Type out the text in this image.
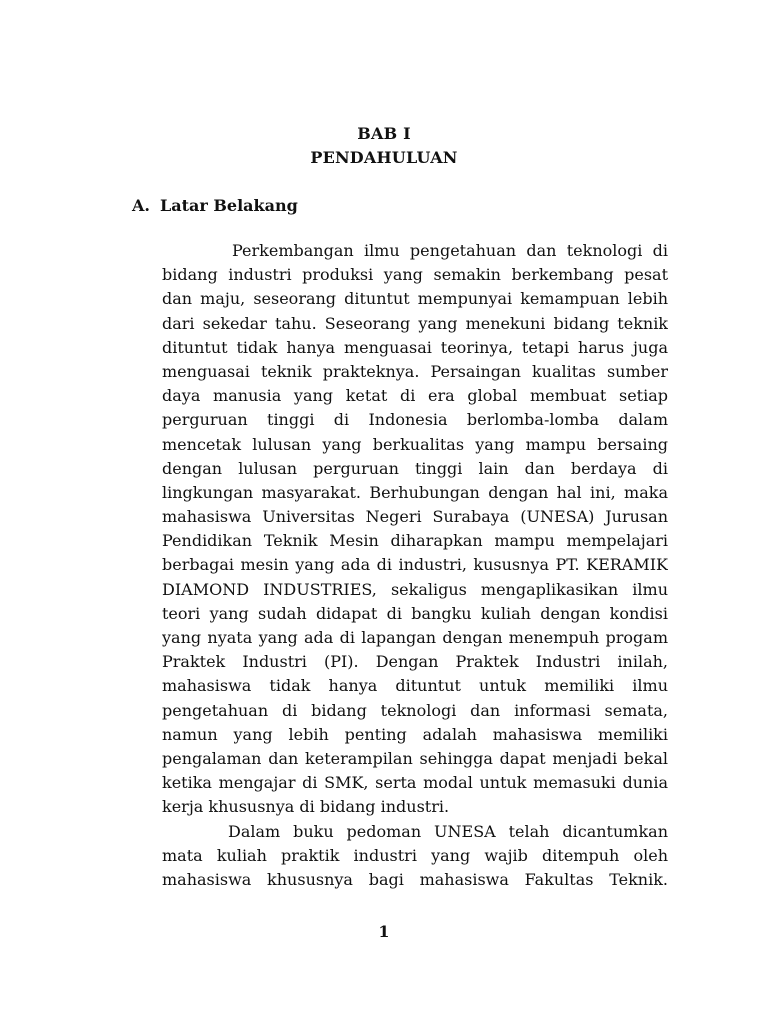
BAB I
PENDAHULUAN
A. Latar Belakang
Perkembangan ilmu pengetahuan dan teknologi di
bidang industri produksi yang semakin berkembang pesat
dan maju, seseorang dituntut mempunyai kemampuan lebih
dari sekedar tahu. Seseorang yang menekuni bidang teknik
dituntut tidak hanya menguasai teorinya, tetapi harus juga
menguasai teknik prakteknya. Persaingan kualitas sumber
daya manusia yang ketat di era global membuat setiap
perguruan tinggi di Indonesia berlomba-lomba dalam
mencetak lulusan yang berkualitas yang mampu bersaing
dengan lulusan perguruan tinggi lain dan berdaya di
lingkungan masyarakat. Berhubungan dengan hal ini, maka
mahasiswa Universitas Negeri Surabaya (UNESA) Jurusan
Pendidikan Teknik Mesin diharapkan mampu mempelajari
berbagai mesin yang ada di industri, kususnya PT. KERAMIK
DIAMOND INDUSTRIES, sekaligus mengaplikasikan ilmu
teori yang sudah didapat di bangku kuliah dengan kondisi
yang nyata yang ada di lapangan dengan menempuh progam
Praktek Industri (PI). Dengan Praktek Industri inilah,
mahasiswa tidak hanya dituntut untuk memiliki ilmu
pengetahuan di bidang teknologi dan informasi semata,
namun yang lebih penting adalah mahasiswa memiliki
pengalaman dan keterampilan sehingga dapat menjadi bekal
ketika mengajar di SMK, serta modal untuk memasuki dunia
kerja khususnya di bidang industri.
Dalam buku pedoman UNESA telah dicantumkan
mata kuliah praktik industri yang wajib ditempuh oleh
mahasiswa khususnya bagi mahasiswa Fakultas Teknik.
1
